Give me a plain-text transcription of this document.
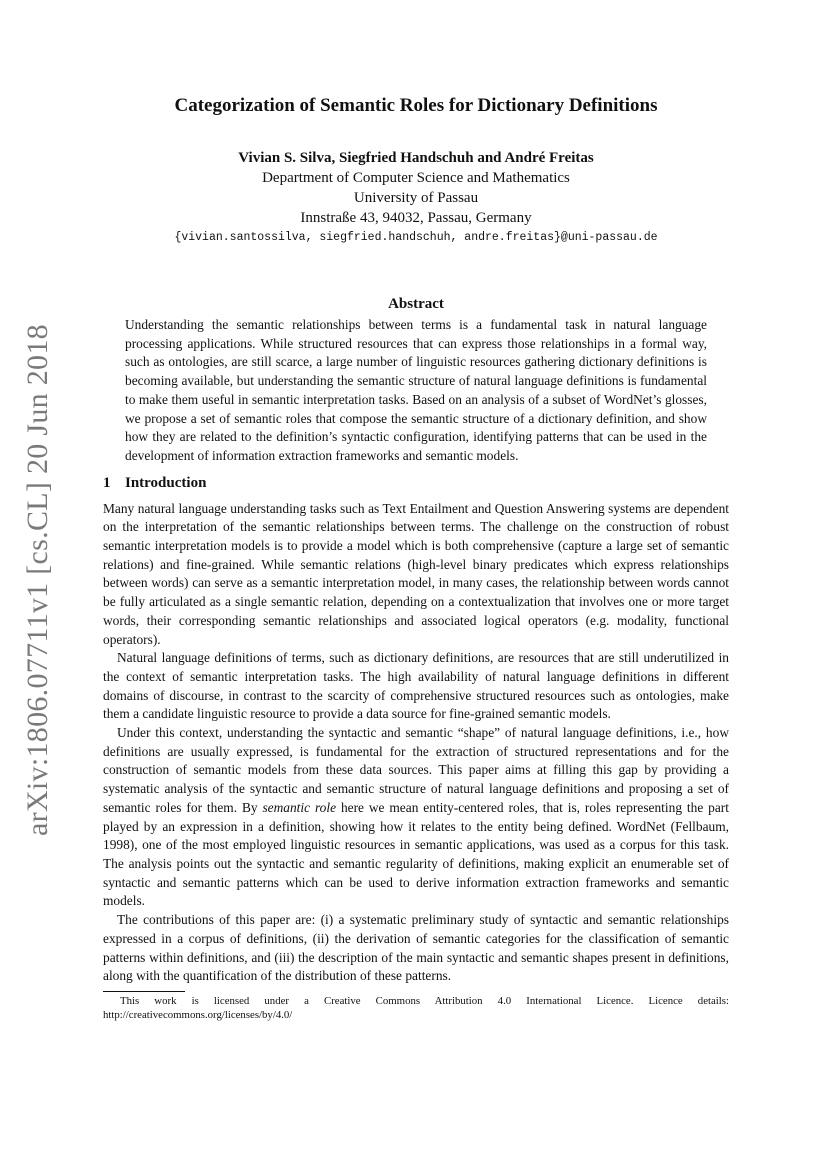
arXiv:1806.07711v1 [cs.CL] 20 Jun 2018
Categorization of Semantic Roles for Dictionary Definitions
Vivian S. Silva, Siegfried Handschuh and André Freitas
Department of Computer Science and Mathematics
University of Passau
Innstraße 43, 94032, Passau, Germany
{vivian.santossilva, siegfried.handschuh, andre.freitas}@uni-passau.de
Abstract

Understanding the semantic relationships between terms is a fundamental task in natural language processing applications. While structured resources that can express those relationships in a formal way, such as ontologies, are still scarce, a large number of linguistic resources gathering dictionary definitions is becoming available, but understanding the semantic structure of natural language definitions is fundamental to make them useful in semantic interpretation tasks. Based on an analysis of a subset of WordNet’s glosses, we propose a set of semantic roles that compose the semantic structure of a dictionary definition, and show how they are related to the definition’s syntactic configuration, identifying patterns that can be used in the development of information extraction frameworks and semantic models.

1 Introduction

Many natural language understanding tasks such as Text Entailment and Question Answering systems are dependent on the interpretation of the semantic relationships between terms. The challenge on the construction of robust semantic interpretation models is to provide a model which is both comprehensive (capture a large set of semantic relations) and fine-grained. While semantic relations (high-level binary predicates which express relationships between words) can serve as a semantic interpretation model, in many cases, the relationship between words cannot be fully articulated as a single semantic relation, depending on a contextualization that involves one or more target words, their corresponding semantic relationships and associated logical operators (e.g. modality, functional operators).

Natural language definitions of terms, such as dictionary definitions, are resources that are still underutilized in the context of semantic interpretation tasks. The high availability of natural language definitions in different domains of discourse, in contrast to the scarcity of comprehensive structured resources such as ontologies, make them a candidate linguistic resource to provide a data source for fine-grained semantic models.

Under this context, understanding the syntactic and semantic “shape” of natural language definitions, i.e., how definitions are usually expressed, is fundamental for the extraction of structured representations and for the construction of semantic models from these data sources. This paper aims at filling this gap by providing a systematic analysis of the syntactic and semantic structure of natural language definitions and proposing a set of semantic roles for them. By semantic role here we mean entity-centered roles, that is, roles representing the part played by an expression in a definition, showing how it relates to the entity being defined. WordNet (Fellbaum, 1998), one of the most employed linguistic resources in semantic applications, was used as a corpus for this task. The analysis points out the syntactic and semantic regularity of definitions, making explicit an enumerable set of syntactic and semantic patterns which can be used to derive information extraction frameworks and semantic models.

The contributions of this paper are: (i) a systematic preliminary study of syntactic and semantic relationships expressed in a corpus of definitions, (ii) the derivation of semantic categories for the classification of semantic patterns within definitions, and (iii) the description of the main syntactic and semantic shapes present in definitions, along with the quantification of the distribution of these patterns.

This work is licensed under a Creative Commons Attribution 4.0 International Licence. Licence details: http://creativecommons.org/licenses/by/4.0/
